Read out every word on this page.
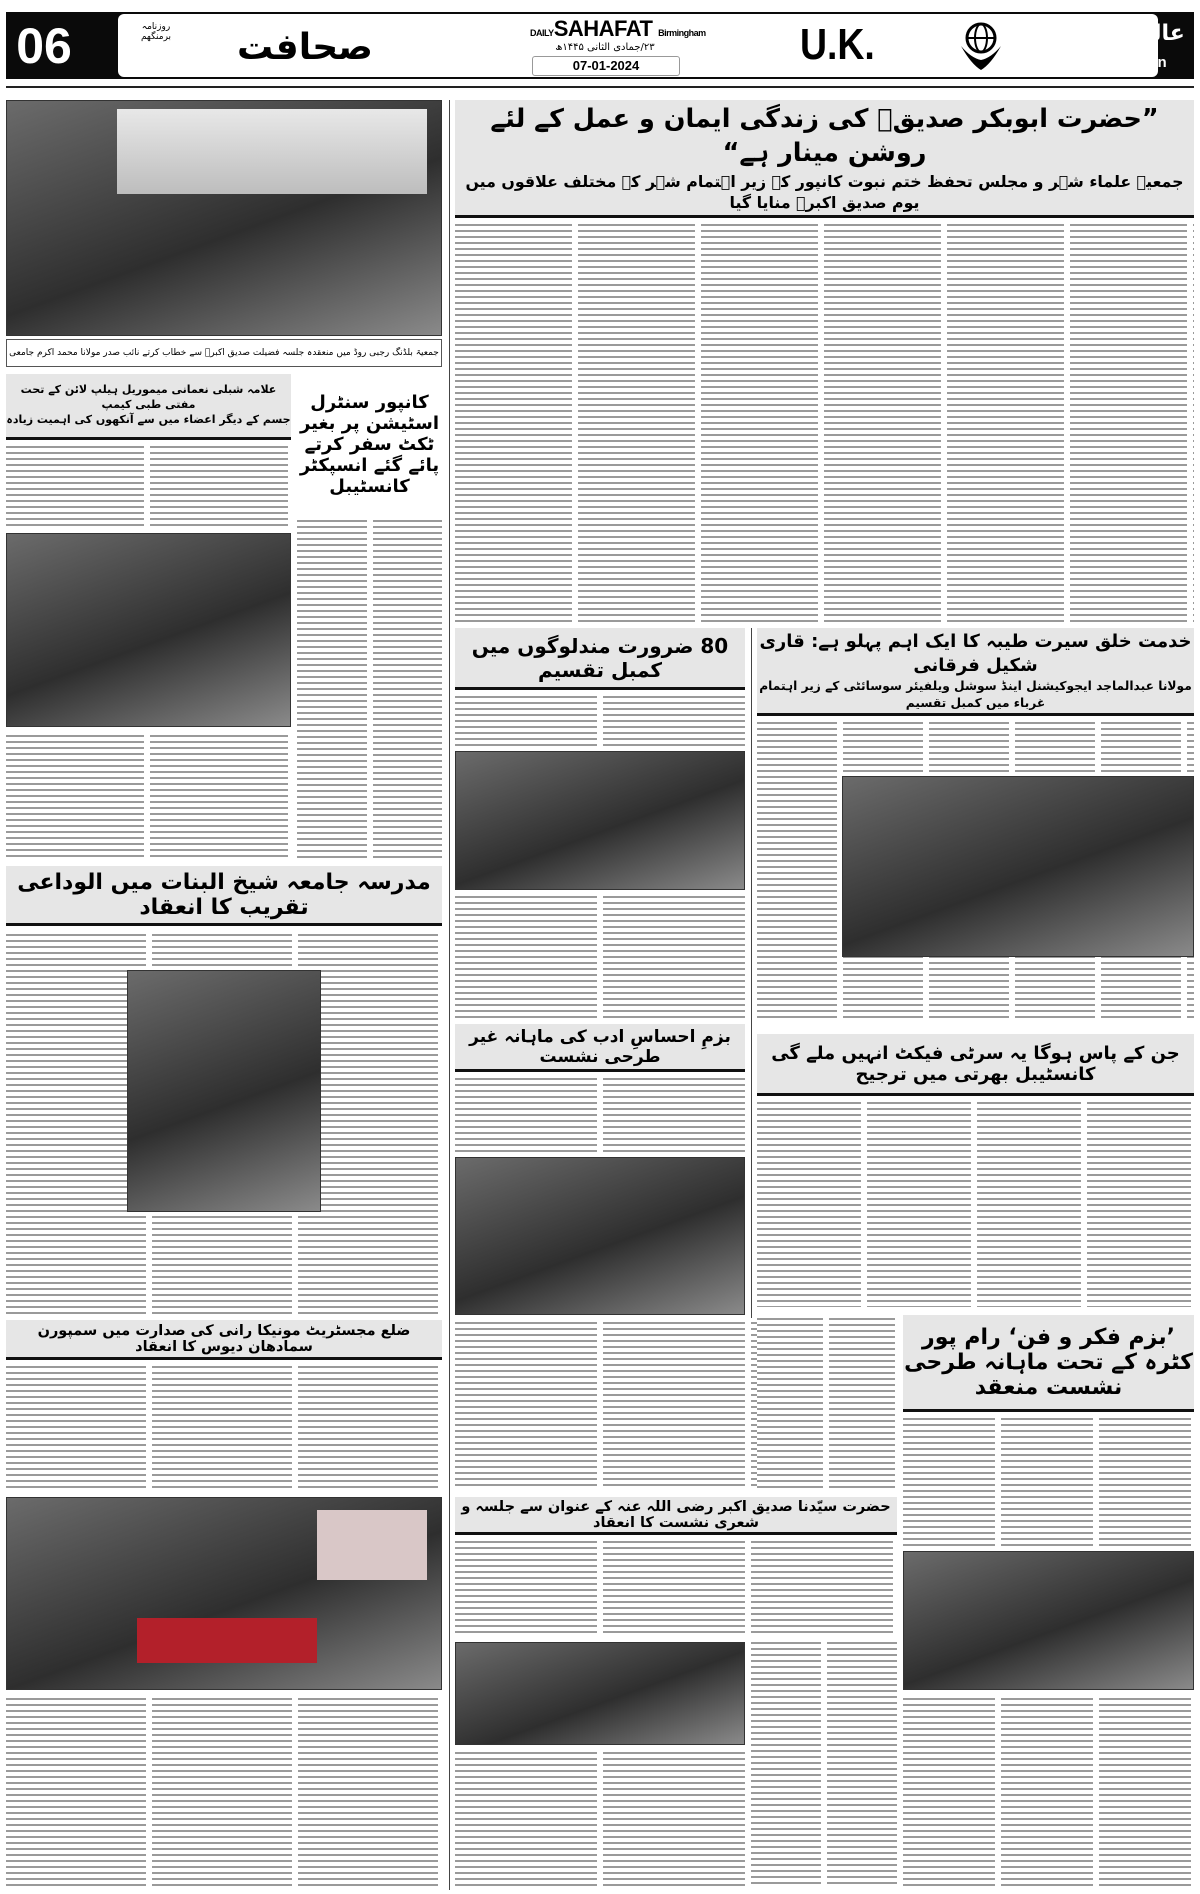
06	صحافت
روزنامہ برمنگھم	DAILYSAHAFAT Birmingham
۲۳/جمادی الثانی ۱۴۴۵ھ
07-01-2024	U.K.	عالمِ صحافت
www.sahafat.in
جمعیۃ بلڈنگ رجبی روڈ میں منعقدہ جلسہ فضیلت صدیق اکبرؓ سے خطاب کرتے نائب صدر مولانا محمد اکرم جامعی
”حضرت ابوبکر صدیقؓ کی زندگی ایمان و عمل کے لئے روشن مینار ہے“
جمعیۃ علماء شہر و مجلس تحفظ ختم نبوت کانپور کے زیر اہتمام شہر کے مختلف علاقوں میں یوم صدیق اکبرؓ منایا گیا
کانپور سنٹرل اسٹیشن پر بغیر ٹکٹ سفر کرتے پائے گئے انسپکٹر کانسٹیبل
علامہ شبلی نعمانی میموریل ہیلپ لائن کے تحت مفتی طبی کیمپ
جسم کے دیگر اعضاء میں سے آنکھوں کی اہمیت زیادہ
مدرسہ جامعہ شیخ البنات میں الوداعی تقریب کا انعقاد
ضلع مجسٹریٹ مونیکا رانی کی صدارت میں سمپورن سمادھان دیوس کا انعقاد
80 ضرورت مندلوگوں میں کمبل تقسیم
بزمِ احساسِ ادب کی ماہانہ غیر طرحی نشست
حضرت سیّدنا صدیق اکبر رضی اللہ عنہ کے عنوان سے جلسہ و شعری نشست کا انعقاد
خدمت خلق سیرت طیبہ کا ایک اہم پہلو ہے: قاری شکیل فرقانی
مولانا عبدالماجد ایجوکیشنل اینڈ سوشل ویلفیئر سوسائٹی کے زیر اہتمام غرباء میں کمبل تقسیم
جن کے پاس ہوگا یہ سرٹی فیکٹ انہیں ملے گی کانسٹیبل بھرتی میں ترجیح
’بزم فکر و فن‘ رام پور کٹرہ کے تحت ماہانہ طرحی نشست منعقد
